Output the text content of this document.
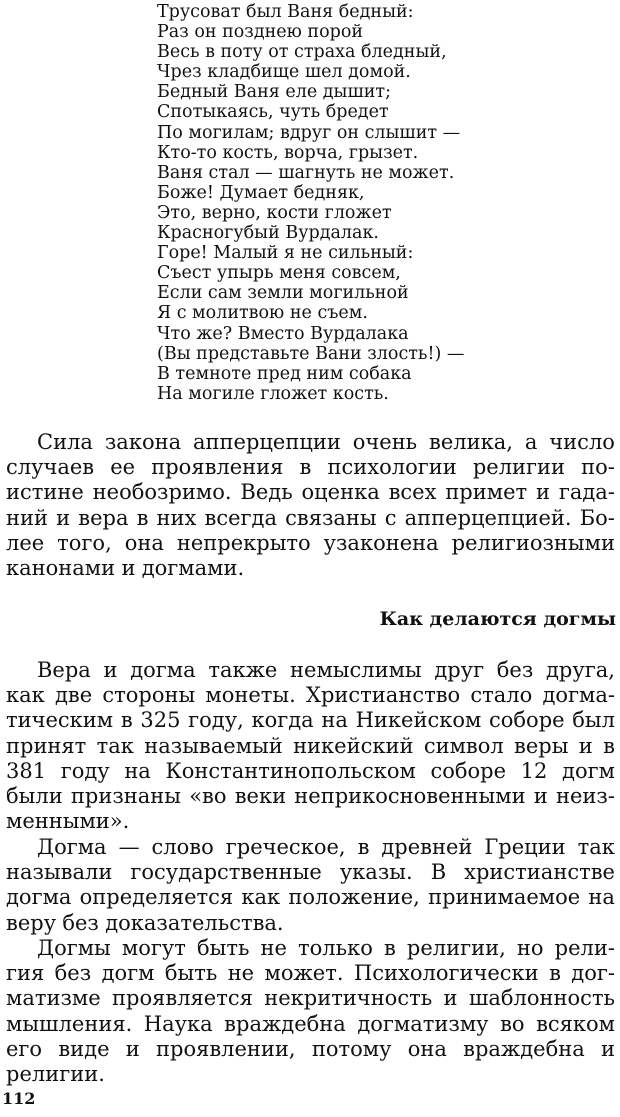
Трусоват был Ваня бедный:
Раз он позднею порой
Весь в поту от страха бледный,
Чрез кладбище шел домой.
Бедный Ваня еле дышит;
Спотыкаясь, чуть бредет
По могилам; вдруг он слышит —
Кто-то кость, ворча, грызет.
Ваня стал — шагнуть не может.
Боже! Думает бедняк,
Это, верно, кости гложет
Красногубый Вурдалак.
Горе! Малый я не сильный:
Съест упырь меня совсем,
Если сам земли могильной
Я с молитвою не съем.
Что же? Вместо Вурдалака
(Вы представьте Вани злость!) —
В темноте пред ним собака
На могиле гложет кость.
Сила закона апперцепции очень велика, а число
случаев ее проявления в психологии религии по-
истине необозримо. Ведь оценка всех примет и гада-
ний и вера в них всегда связаны с апперцепцией. Бо-
лее того, она непрекрыто узаконена религиозными
канонами и догмами.
Как делаются догмы
Вера и догма также немыслимы друг без друга,
как две стороны монеты. Христианство стало догма-
тическим в 325 году, когда на Никейском соборе был
принят так называемый никейский символ веры и в
381 году на Константинопольском соборе 12 догм
были признаны «во веки неприкосновенными и неиз-
менными».
Догма — слово греческое, в древней Греции так
называли государственные указы. В христианстве
догма определяется как положение, принимаемое на
веру без доказательства.
Догмы могут быть не только в религии, но рели-
гия без догм быть не может. Психологически в дог-
матизме проявляется некритичность и шаблонность
мышления. Наука враждебна догматизму во всяком
его виде и проявлении, потому она враждебна и
религии.
112
